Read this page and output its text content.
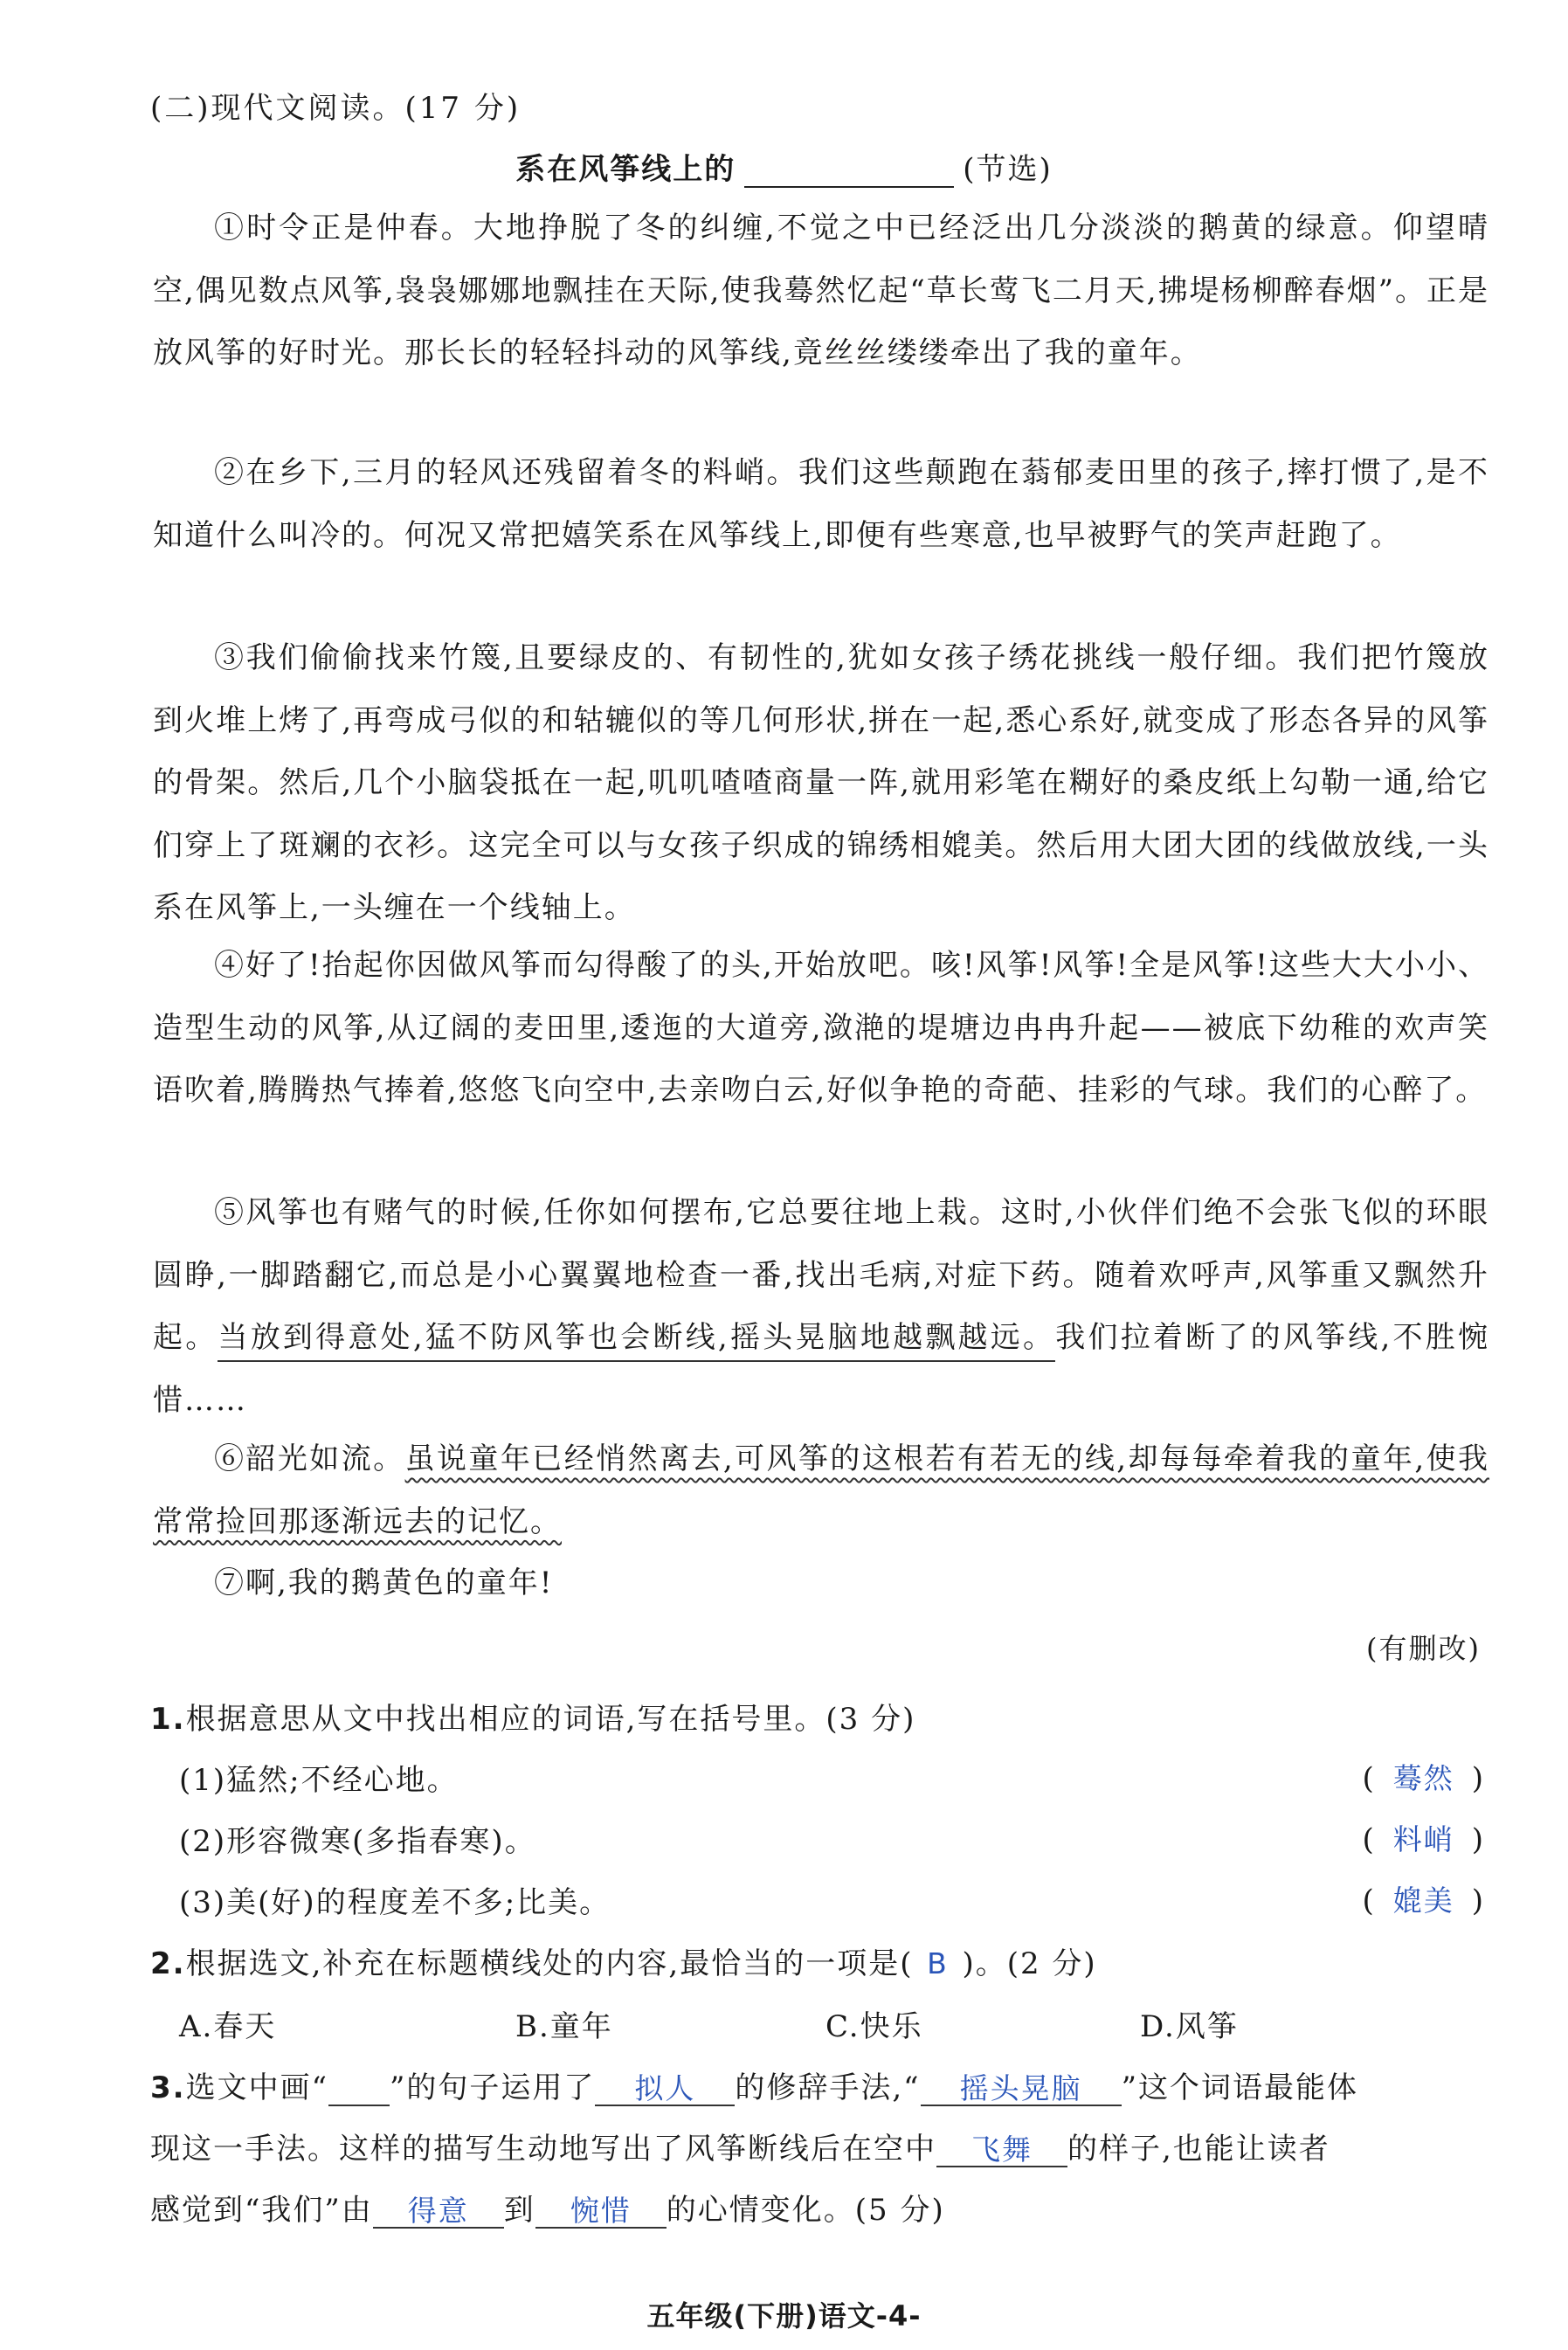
(二)现代文阅读。(17 分)
系在风筝线上的	(节选)
①时令正是仲春。大地挣脱了冬的纠缠,不觉之中已经泛出几分淡淡的鹅黄的绿意。仰望晴空,偶见数点风筝,袅袅娜娜地飘挂在天际,使我蓦然忆起“草长莺飞二月天,拂堤杨柳醉春烟”。正是放风筝的好时光。那长长的轻轻抖动的风筝线,竟丝丝缕缕牵出了我的童年。
②在乡下,三月的轻风还残留着冬的料峭。我们这些颠跑在蓊郁麦田里的孩子,摔打惯了,是不知道什么叫冷的。何况又常把嬉笑系在风筝线上,即便有些寒意,也早被野气的笑声赶跑了。
③我们偷偷找来竹篾,且要绿皮的、有韧性的,犹如女孩子绣花挑线一般仔细。我们把竹篾放到火堆上烤了,再弯成弓似的和轱辘似的等几何形状,拼在一起,悉心系好,就变成了形态各异的风筝的骨架。然后,几个小脑袋抵在一起,叽叽喳喳商量一阵,就用彩笔在糊好的桑皮纸上勾勒一通,给它们穿上了斑斓的衣衫。这完全可以与女孩子织成的锦绣相媲美。然后用大团大团的线做放线,一头系在风筝上,一头缠在一个线轴上。
④好了!抬起你因做风筝而勾得酸了的头,开始放吧。咳!风筝!风筝!全是风筝!这些大大小小、造型生动的风筝,从辽阔的麦田里,逶迤的大道旁,潋滟的堤塘边冉冉升起——被底下幼稚的欢声笑语吹着,腾腾热气捧着,悠悠飞向空中,去亲吻白云,好似争艳的奇葩、挂彩的气球。我们的心醉了。
⑤风筝也有赌气的时候,任你如何摆布,它总要往地上栽。这时,小伙伴们绝不会张飞似的环眼圆睁,一脚踏翻它,而总是小心翼翼地检查一番,找出毛病,对症下药。随着欢呼声,风筝重又飘然升起。当放到得意处,猛不防风筝也会断线,摇头晃脑地越飘越远。我们拉着断了的风筝线,不胜惋惜……
⑥韶光如流。虽说童年已经悄然离去,可风筝的这根若有若无的线,却每每牵着我的童年,使我常常捡回那逐渐远去的记忆。
⑦啊,我的鹅黄色的童年!
(有删改)
1.根据意思从文中找出相应的词语,写在括号里。(3 分)
(1)猛然;不经心地。	( 蓦然 )
(2)形容微寒(多指春寒)。	( 料峭 )
(3)美(好)的程度差不多;比美。	( 媲美 )
2.根据选文,补充在标题横线处的内容,最恰当的一项是( B )。(2 分)
A.春天	B.童年	C.快乐	D.风筝
3.选文中画“ ”的句子运用了 拟人 的修辞手法,“ 摇头晃脑 ”这个词语最能体
现这一手法。这样的描写生动地写出了风筝断线后在空中 飞舞 的样子,也能让读者
感觉到“我们”由 得意 到 惋惜 的心情变化。(5 分)
五年级(下册)语文-4-
